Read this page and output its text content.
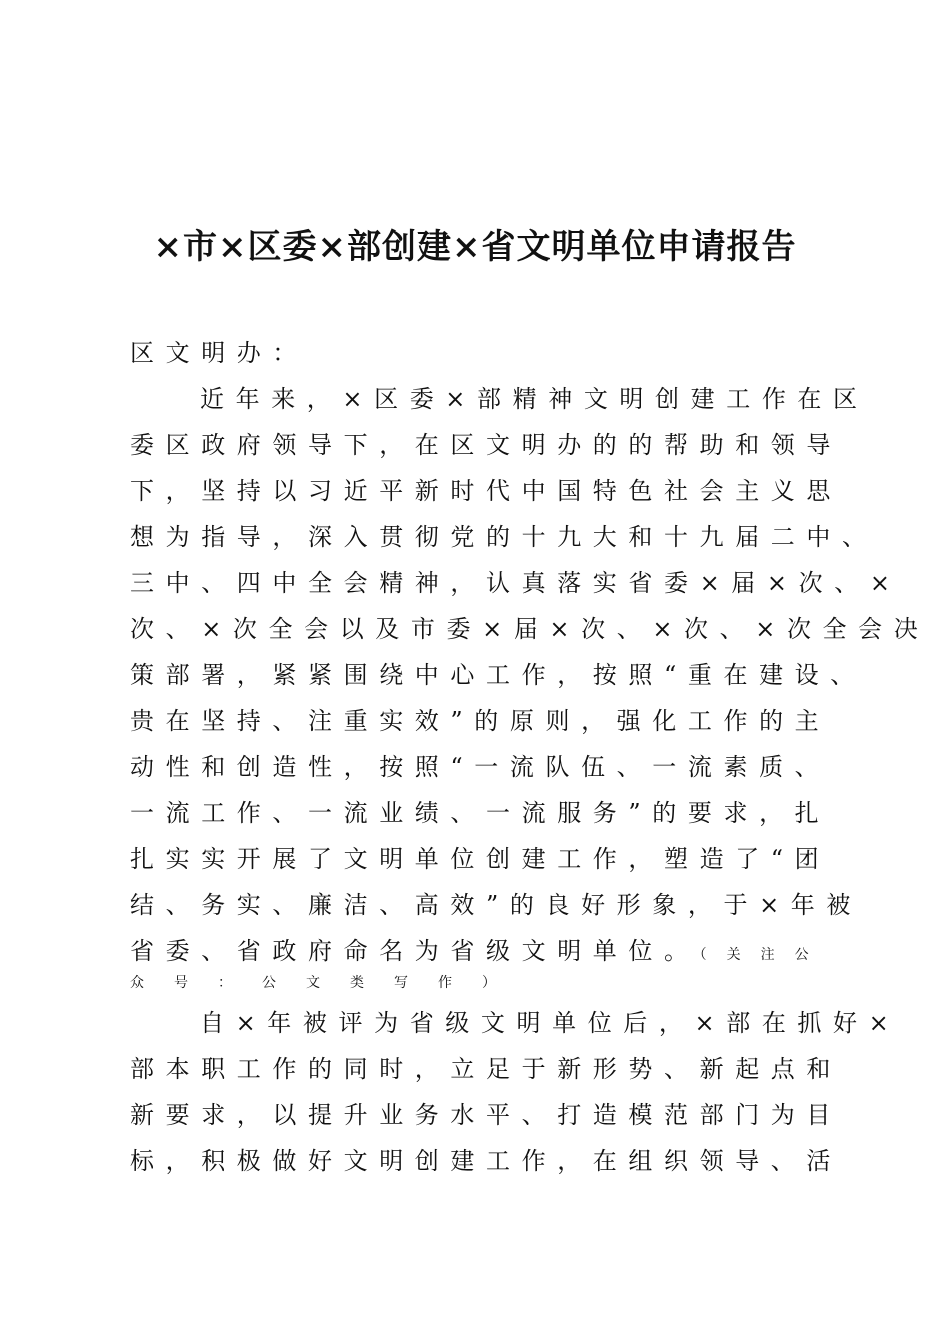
×市×区委×部创建×省文明单位申请报告
区文明办：
近年来，×区委×部精神文明创建工作在区
委区政府领导下，在区文明办的的帮助和领导
下，坚持以习近平新时代中国特色社会主义思
想为指导，深入贯彻党的十九大和十九届二中、
三中、四中全会精神，认真落实省委×届×次、×
次、×次全会以及市委×届×次、×次、×次全会决
策部署，紧紧围绕中心工作，按照“重在建设、
贵在坚持、注重实效”的原则，强化工作的主
动性和创造性，按照“一流队伍、一流素质、
一流工作、一流业绩、一流服务”的要求，扎
扎实实开展了文明单位创建工作，塑造了“团
结、务实、廉洁、高效”的良好形象，于×年被
省委、省政府命名为省级文明单位。（关注公
众号：公文类写作）
自×年被评为省级文明单位后，×部在抓好×
部本职工作的同时，立足于新形势、新起点和
新要求，以提升业务水平、打造模范部门为目
标，积极做好文明创建工作，在组织领导、活
